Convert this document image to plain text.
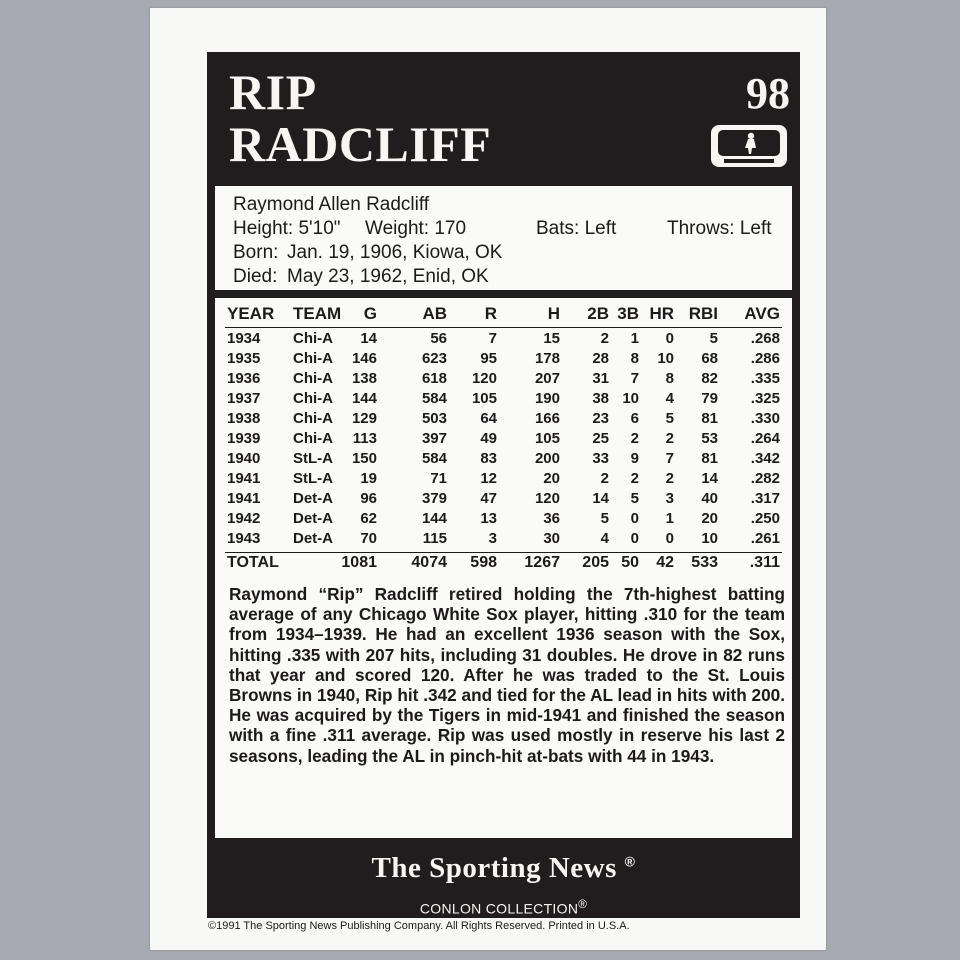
RIP
RADCLIFF
98
Raymond Allen Radcliff
Height: 5'10" Weight: 170	Bats: Left	Throws: Left
Born: Jan. 19, 1906, Kiowa, OK
Died: May 23, 1962, Enid, OK
YEAR TEAM G	AB R	H 2B 3B HR RBI AVG
1934 Chi-A 14	56	7	15	2 1 0 5 .268
1935 Chi-A 146	623 95	178 28 8 10 68 .286
1936 Chi-A 138	618 120	207 31 7 8 82 .335
1937 Chi-A 144	584 105	190 38 10 4 79 .325
1938 Chi-A 129	503 64	166 23 6 5 81 .330
1939 Chi-A 113	397 49	105 25 2 2 53 .264
1940 StL-A 150	584 83	200 33 9 7 81 .342
1941 StL-A 19	71 12	20	2 2 2 14 .282
1941 Det-A 96	379 47	120 14 5 3 40 .317
1942 Det-A 62	144 13	36	5 0 1 20 .250
1943 Det-A 70	115	3	30	4 0 0 10 .261
TOTAL	1081 4074 598 1267 205 50 42 533 .311
Raymond “Rip” Radcliff retired holding the 7th-highest batting average of any Chicago White Sox player, hitting .310 for the team from 1934–1939. He had an excellent 1936 season with the Sox, hitting .335 with 207 hits, including 31 doubles. He drove in 82 runs that year and scored 120. After he was traded to the St. Louis Browns in 1940, Rip hit .342 and tied for the AL lead in hits with 200. He was acquired by the Tigers in mid-1941 and finished the season with a fine .311 average. Rip was used mostly in reserve his last 2 seasons, leading the AL in pinch-hit at-bats with 44 in 1943.
The Sporting News ®
CONLON COLLECTION®
©1991 The Sporting News Publishing Company. All Rights Reserved. Printed in U.S.A.
